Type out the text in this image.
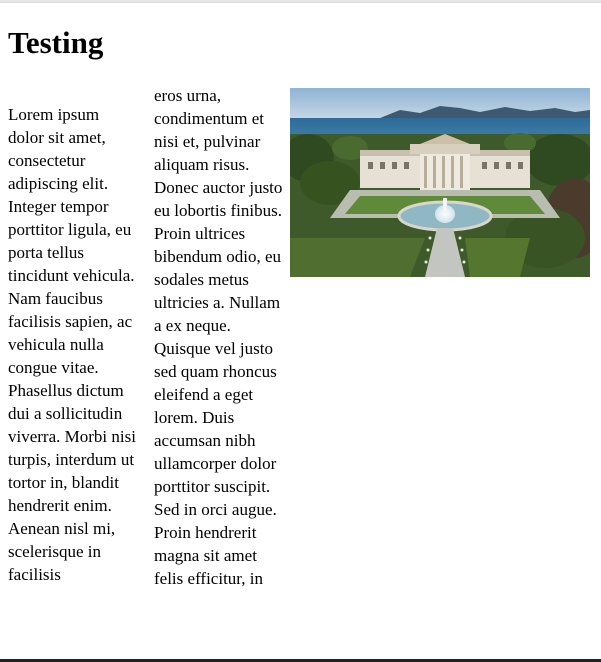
Testing

Lorem ipsum dolor sit amet, consectetur adipiscing elit. Integer tempor porttitor ligula, eu porta tellus tincidunt vehicula. Nam faucibus facilisis sapien, ac vehicula nulla congue vitae. Phasellus dictum dui a sollicitudin viverra. Morbi nisi turpis, interdum ut tortor in, blandit hendrerit enim. Aenean nisl mi, scelerisque in facilisis

eros urna, condimentum et nisi et, pulvinar aliquam risus. Donec auctor justo eu lobortis finibus. Proin ultrices bibendum odio, eu sodales metus ultricies a. Nullam a ex neque. Quisque vel justo sed quam rhoncus eleifend a eget lorem. Duis accumsan nibh ullamcorper dolor porttitor suscipit. Sed in orci augue. Proin hendrerit magna sit amet felis efficitur, in
